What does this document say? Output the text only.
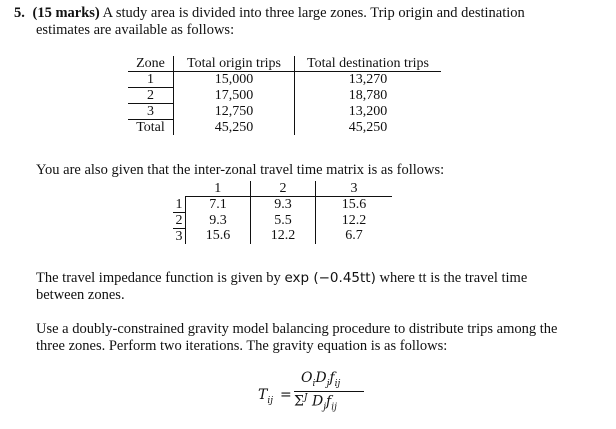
5. (15 marks) A study area is divided into three large zones. Trip origin and destination
estimates are available as follows:
Zone	Total origin trips	Total destination trips
1	15,000	13,270
2	17,500	18,780
3	12,750	13,200
Total	45,250	45,250
You are also given that the inter-zonal travel time matrix is as follows:
	1	2	3
1	7.1	9.3	15.6
2	9.3	5.5	12.2
3	15.6	12.2	6.7
The travel impedance function is given by exp (−0.45tt) where tt is the travel time
between zones.
Use a doubly-constrained gravity model balancing procedure to distribute trips among the
three zones. Perform two iterations. The gravity equation is as follows:
$T_{ij}$ =
$O_iD_jf_{ij}$
$\Sigma^J$ $D_jf_{ij}$
